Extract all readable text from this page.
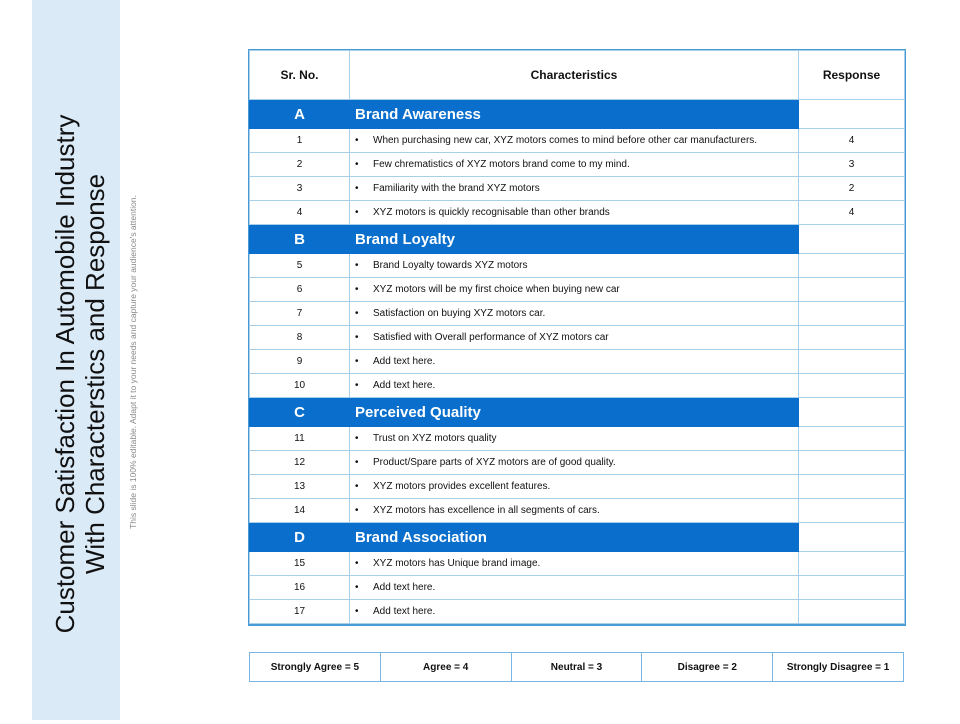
Customer Satisfaction In Automobile Industry With Characterstics and Response This slide is 100% editable. Adapt it to your needs and capture your audience's attention.
Sr. No.	Characteristics	Response
A	Brand Awareness	
1	• When purchasing new car, XYZ motors comes to mind before other car manufacturers.	4
2	• Few chrematistics of XYZ motors brand come to my mind.	3
3	• Familiarity with the brand XYZ motors	2
4	• XYZ motors is quickly recognisable than other brands	4
B	Brand Loyalty	
5	• Brand Loyalty towards XYZ motors	
6	• XYZ motors will be my first choice when buying new car	
7	• Satisfaction on buying XYZ motors car.	
8	• Satisfied with Overall performance of XYZ motors car	
9	• Add text here.	
10	• Add text here.	
C	Perceived Quality	
11	• Trust on XYZ motors quality	
12	• Product/Spare parts of XYZ motors are of good quality.	
13	• XYZ motors provides excellent features.	
14	• XYZ motors has excellence in all segments of cars.	
D	Brand Association	
15	• XYZ motors has Unique brand image.	
16	• Add text here.	
17	• Add text here.	
Strongly Agree = 5	Agree = 4	Neutral = 3	Disagree = 2	Strongly Disagree = 1
